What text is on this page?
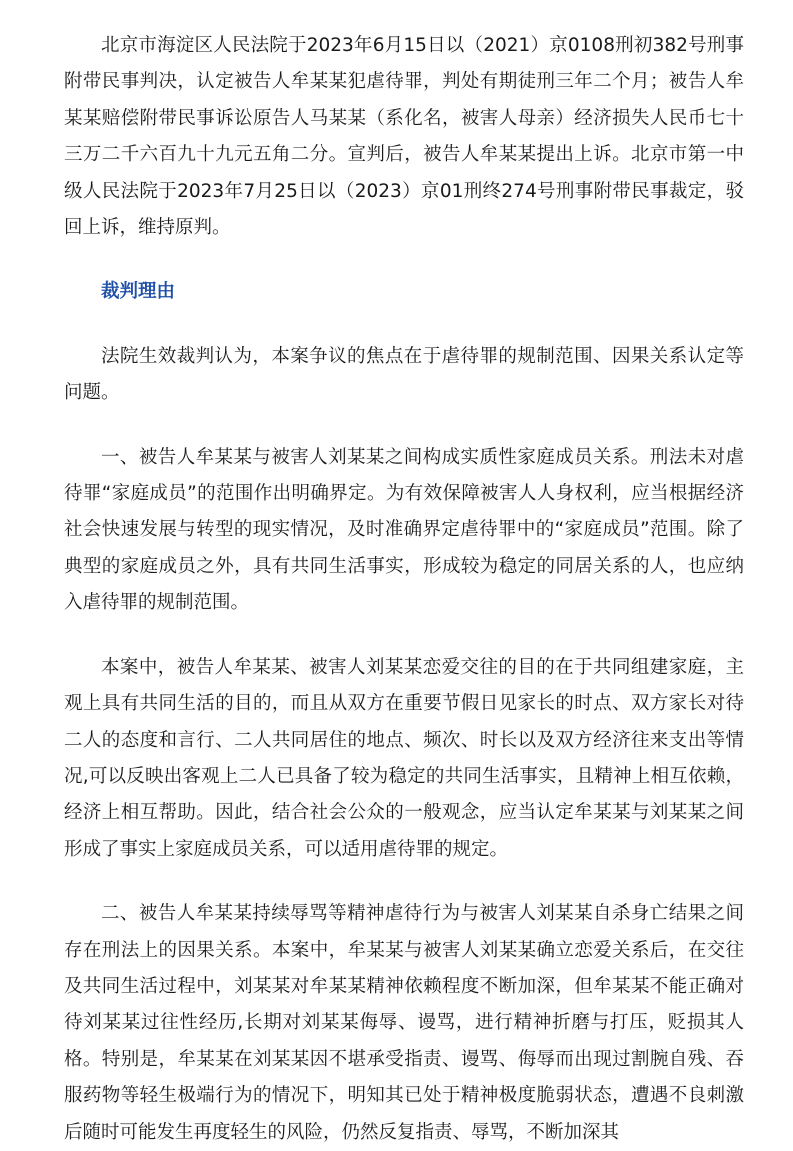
北京市海淀区人民法院于2023年6月15日以（2021）京0108刑初382号刑事附带民事判决，认定被告人牟某某犯虐待罪，判处有期徒刑三年二个月；被告人牟某某赔偿附带民事诉讼原告人马某某（系化名，被害人母亲）经济损失人民币七十三万二千六百九十九元五角二分。宣判后，被告人牟某某提出上诉。北京市第一中级人民法院于2023年7月25日以（2023）京01刑终274号刑事附带民事裁定，驳回上诉，维持原判。

裁判理由

法院生效裁判认为，本案争议的焦点在于虐待罪的规制范围、因果关系认定等问题。

一、被告人牟某某与被害人刘某某之间构成实质性家庭成员关系。刑法未对虐待罪“家庭成员”的范围作出明确界定。为有效保障被害人人身权利，应当根据经济社会快速发展与转型的现实情况，及时准确界定虐待罪中的“家庭成员”范围。除了典型的家庭成员之外，具有共同生活事实，形成较为稳定的同居关系的人，也应纳入虐待罪的规制范围。

本案中，被告人牟某某、被害人刘某某恋爱交往的目的在于共同组建家庭，主观上具有共同生活的目的，而且从双方在重要节假日见家长的时点、双方家长对待二人的态度和言行、二人共同居住的地点、频次、时长以及双方经济往来支出等情况,可以反映出客观上二人已具备了较为稳定的共同生活事实，且精神上相互依赖，经济上相互帮助。因此，结合社会公众的一般观念，应当认定牟某某与刘某某之间形成了事实上家庭成员关系，可以适用虐待罪的规定。

二、被告人牟某某持续辱骂等精神虐待行为与被害人刘某某自杀身亡结果之间存在刑法上的因果关系。本案中，牟某某与被害人刘某某确立恋爱关系后，在交往及共同生活过程中，刘某某对牟某某精神依赖程度不断加深，但牟某某不能正确对待刘某某过往性经历,长期对刘某某侮辱、谩骂，进行精神折磨与打压，贬损其人格。特别是，牟某某在刘某某因不堪承受指责、谩骂、侮辱而出现过割腕自残、吞服药物等轻生极端行为的情况下，明知其已处于精神极度脆弱状态，遭遇不良刺激后随时可能发生再度轻生的风险，仍然反复指责、辱骂，不断加深其
